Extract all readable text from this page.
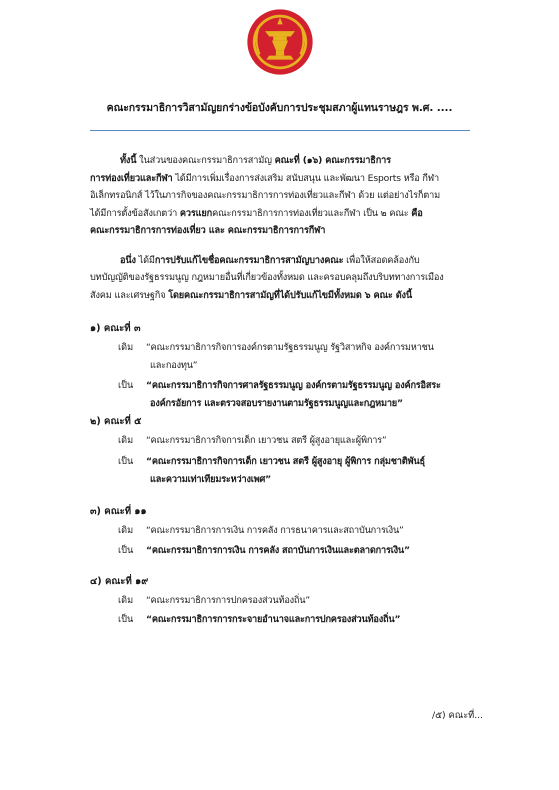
คณะกรรมาธิการวิสามัญยกร่างข้อบังคับการประชุมสภาผู้แทนราษฎร พ.ศ. ....
ทั้งนี้ ในส่วนของคณะกรรมาธิการสามัญ คณะที่ (๑๖) คณะกรรมาธิการ
การท่องเที่ยวและกีฬา ได้มีการเพิ่มเรื่องการส่งเสริม สนับสนุน และพัฒนา Esports หรือ กีฬา
อิเล็กทรอนิกส์ ไว้ในภารกิจของคณะกรรมาธิการการท่องเที่ยวและกีฬา ด้วย แต่อย่างไรก็ตาม
ได้มีการตั้งข้อสังเกตว่า ควรแยกคณะกรรมาธิการการท่องเที่ยวและกีฬา เป็น ๒ คณะ คือ
คณะกรรมาธิการการท่องเที่ยว และ คณะกรรมาธิการการกีฬา
อนึ่ง ได้มีการปรับแก้ไขชื่อคณะกรรมาธิการสามัญบางคณะ เพื่อให้สอดคล้องกับ
บทบัญญัติของรัฐธรรมนูญ กฎหมายอื่นที่เกี่ยวข้องทั้งหมด และครอบคลุมถึงบริบททางการเมือง
สังคม และเศรษฐกิจ โดยคณะกรรมาธิการสามัญที่ได้ปรับแก้ไขมีทั้งหมด ๖ คณะ ดังนี้
๑) คณะที่ ๓
เดิม “คณะกรรมาธิการกิจการองค์กรตามรัฐธรรมนูญ รัฐวิสาหกิจ องค์การมหาชน
และกองทุน”
เป็น “คณะกรรมาธิการกิจการศาลรัฐธรรมนูญ องค์กรตามรัฐธรรมนูญ องค์กรอิสระ
องค์กรอัยการ และตรวจสอบรายงานตามรัฐธรรมนูญและกฎหมาย”
๒) คณะที่ ๕
เดิม “คณะกรรมาธิการกิจการเด็ก เยาวชน สตรี ผู้สูงอายุและผู้พิการ”
เป็น “คณะกรรมาธิการกิจการเด็ก เยาวชน สตรี ผู้สูงอายุ ผู้พิการ กลุ่มชาติพันธุ์
และความเท่าเทียมระหว่างเพศ”
๓) คณะที่ ๑๑
เดิม “คณะกรรมาธิการการเงิน การคลัง การธนาคารและสถาบันการเงิน”
เป็น “คณะกรรมาธิการการเงิน การคลัง สถาบันการเงินและตลาดการเงิน”
๔) คณะที่ ๑๙
เดิม “คณะกรรมาธิการการปกครองส่วนท้องถิ่น”
เป็น “คณะกรรมาธิการการกระจายอำนาจและการปกครองส่วนท้องถิ่น”
/๕) คณะที่...
